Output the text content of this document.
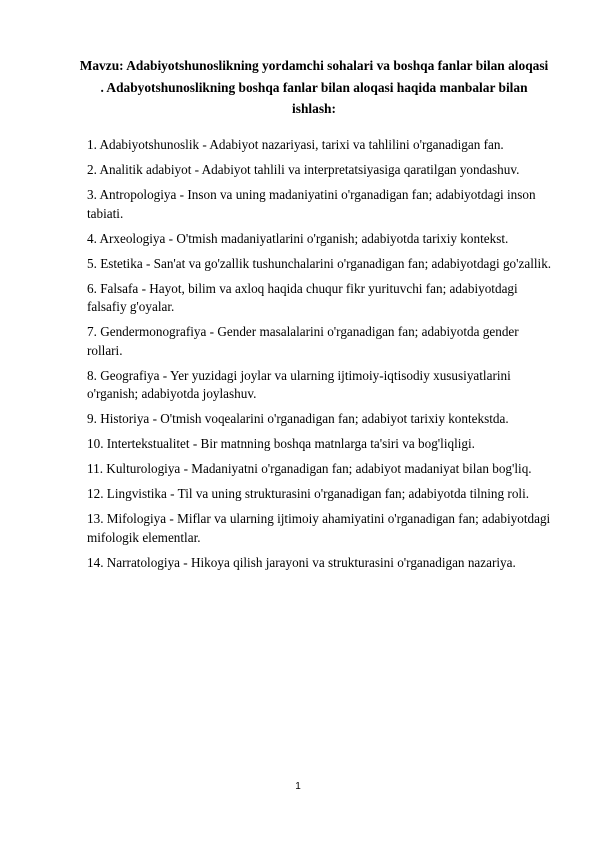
Mavzu: Adabiyotshunoslikning yordamchi sohalari va boshqa fanlar bilan aloqasi . Adabyotshunoslikning boshqa fanlar bilan aloqasi haqida manbalar bilan ishlash:
1. Adabiyotshunoslik - Adabiyot nazariyasi, tarixi va tahlilini o'rganadigan fan.
2. Analitik adabiyot - Adabiyot tahlili va interpretatsiyasiga qaratilgan yondashuv.
3. Antropologiya - Inson va uning madaniyatini o'rganadigan fan; adabiyotdagi inson tabiati.
4. Arxeologiya - O'tmish madaniyatlarini o'rganish; adabiyotda tarixiy kontekst.
5. Estetika - San'at va go'zallik tushunchalarini o'rganadigan fan; adabiyotdagi go'zallik.
6. Falsafa - Hayot, bilim va axloq haqida chuqur fikr yurituvchi fan; adabiyotdagi falsafiy g'oyalar.
7. Gendermonografiya - Gender masalalarini o'rganadigan fan; adabiyotda gender rollari.
8. Geografiya - Yer yuzidagi joylar va ularning ijtimoiy-iqtisodiy xususiyatlarini o'rganish; adabiyotda joylashuv.
9. Historiya - O'tmish voqealarini o'rganadigan fan; adabiyot tarixiy kontekstda.
10. Intertekstualitet - Bir matnning boshqa matnlarga ta'siri va bog'liqligi.
11. Kulturologiya - Madaniyatni o'rganadigan fan; adabiyot madaniyat bilan bog'liq.
12. Lingvistika - Til va uning strukturasini o'rganadigan fan; adabiyotda tilning roli.
13. Mifologiya - Miflar va ularning ijtimoiy ahamiyatini o'rganadigan fan; adabiyotdagi mifologik elementlar.
14. Narratologiya - Hikoya qilish jarayoni va strukturasini o'rganadigan nazariya.
1
